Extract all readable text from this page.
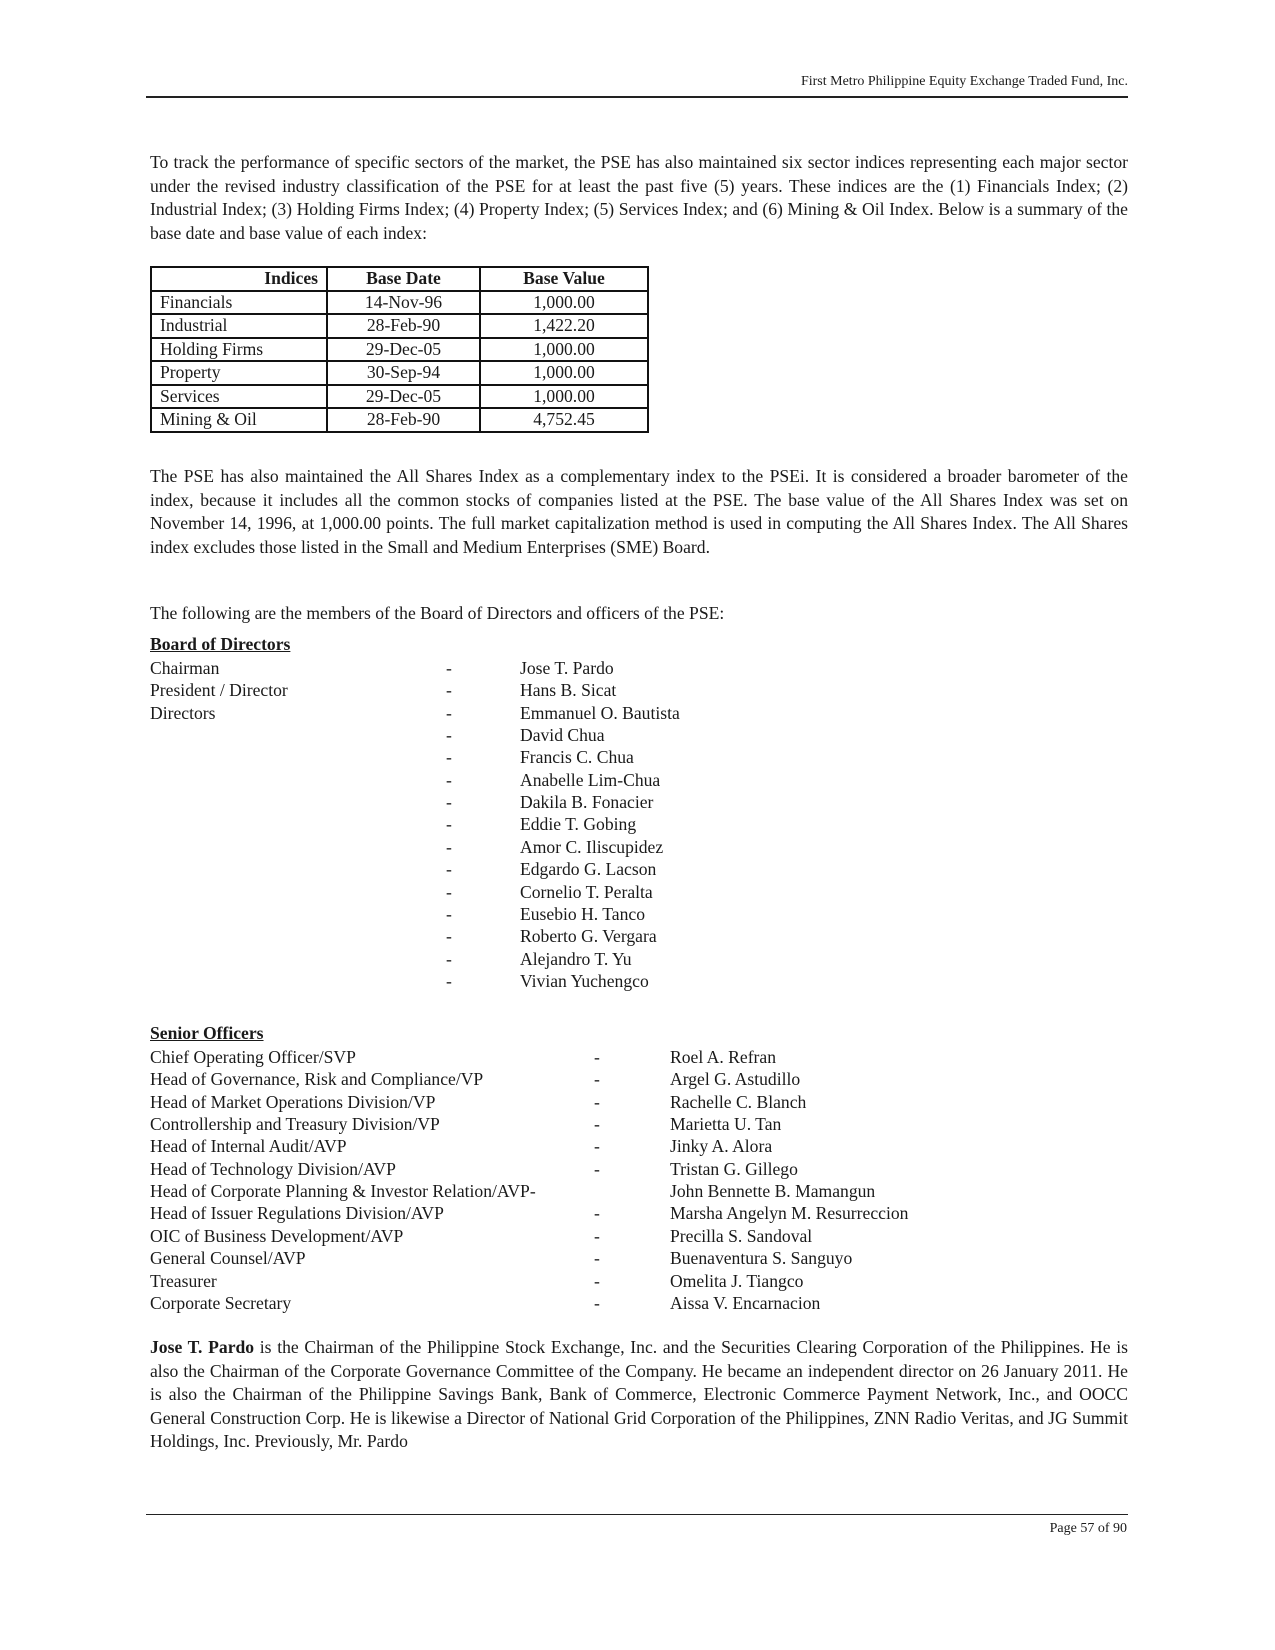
First Metro Philippine Equity Exchange Traded Fund, Inc.
To track the performance of specific sectors of the market, the PSE has also maintained six sector indices representing each major sector under the revised industry classification of the PSE for at least the past five (5) years. These indices are the (1) Financials Index; (2) Industrial Index; (3) Holding Firms Index; (4) Property Index; (5) Services Index; and (6) Mining & Oil Index. Below is a summary of the base date and base value of each index:
Indices	Base Date	Base Value
Financials	14-Nov-96	1,000.00
Industrial	28-Feb-90	1,422.20
Holding Firms	29-Dec-05	1,000.00
Property	30-Sep-94	1,000.00
Services	29-Dec-05	1,000.00
Mining & Oil	28-Feb-90	4,752.45
The PSE has also maintained the All Shares Index as a complementary index to the PSEi. It is considered a broader barometer of the index, because it includes all the common stocks of companies listed at the PSE. The base value of the All Shares Index was set on November 14, 1996, at 1,000.00 points. The full market capitalization method is used in computing the All Shares Index. The All Shares index excludes those listed in the Small and Medium Enterprises (SME) Board.
The following are the members of the Board of Directors and officers of the PSE:
Board of Directors
Chairman	-	Jose T. Pardo
President / Director	-	Hans B. Sicat
Directors	-	Emmanuel O. Bautista
-	David Chua
-	Francis C. Chua
-	Anabelle Lim-Chua
-	Dakila B. Fonacier
-	Eddie T. Gobing
-	Amor C. Iliscupidez
-	Edgardo G. Lacson
-	Cornelio T. Peralta
-	Eusebio H. Tanco
-	Roberto G. Vergara
-	Alejandro T. Yu
-	Vivian Yuchengco
Senior Officers
Chief Operating Officer/SVP	-	Roel A. Refran
Head of Governance, Risk and Compliance/VP	-	Argel G. Astudillo
Head of Market Operations Division/VP	-	Rachelle C. Blanch
Controllership and Treasury Division/VP	-	Marietta U. Tan
Head of Internal Audit/AVP	-	Jinky A. Alora
Head of Technology Division/AVP	-	Tristan G. Gillego
Head of Corporate Planning & Investor Relation/AVP-	John Bennette B. Mamangun
Head of Issuer Regulations Division/AVP	-	Marsha Angelyn M. Resurreccion
OIC of Business Development/AVP	-	Precilla S. Sandoval
General Counsel/AVP	-	Buenaventura S. Sanguyo
Treasurer	-	Omelita J. Tiangco
Corporate Secretary	-	Aissa V. Encarnacion
Jose T. Pardo is the Chairman of the Philippine Stock Exchange, Inc. and the Securities Clearing Corporation of the Philippines. He is also the Chairman of the Corporate Governance Committee of the Company. He became an independent director on 26 January 2011. He is also the Chairman of the Philippine Savings Bank, Bank of Commerce, Electronic Commerce Payment Network, Inc., and OOCC General Construction Corp. He is likewise a Director of National Grid Corporation of the Philippines, ZNN Radio Veritas, and JG Summit Holdings, Inc. Previously, Mr. Pardo
Page 57 of 90
